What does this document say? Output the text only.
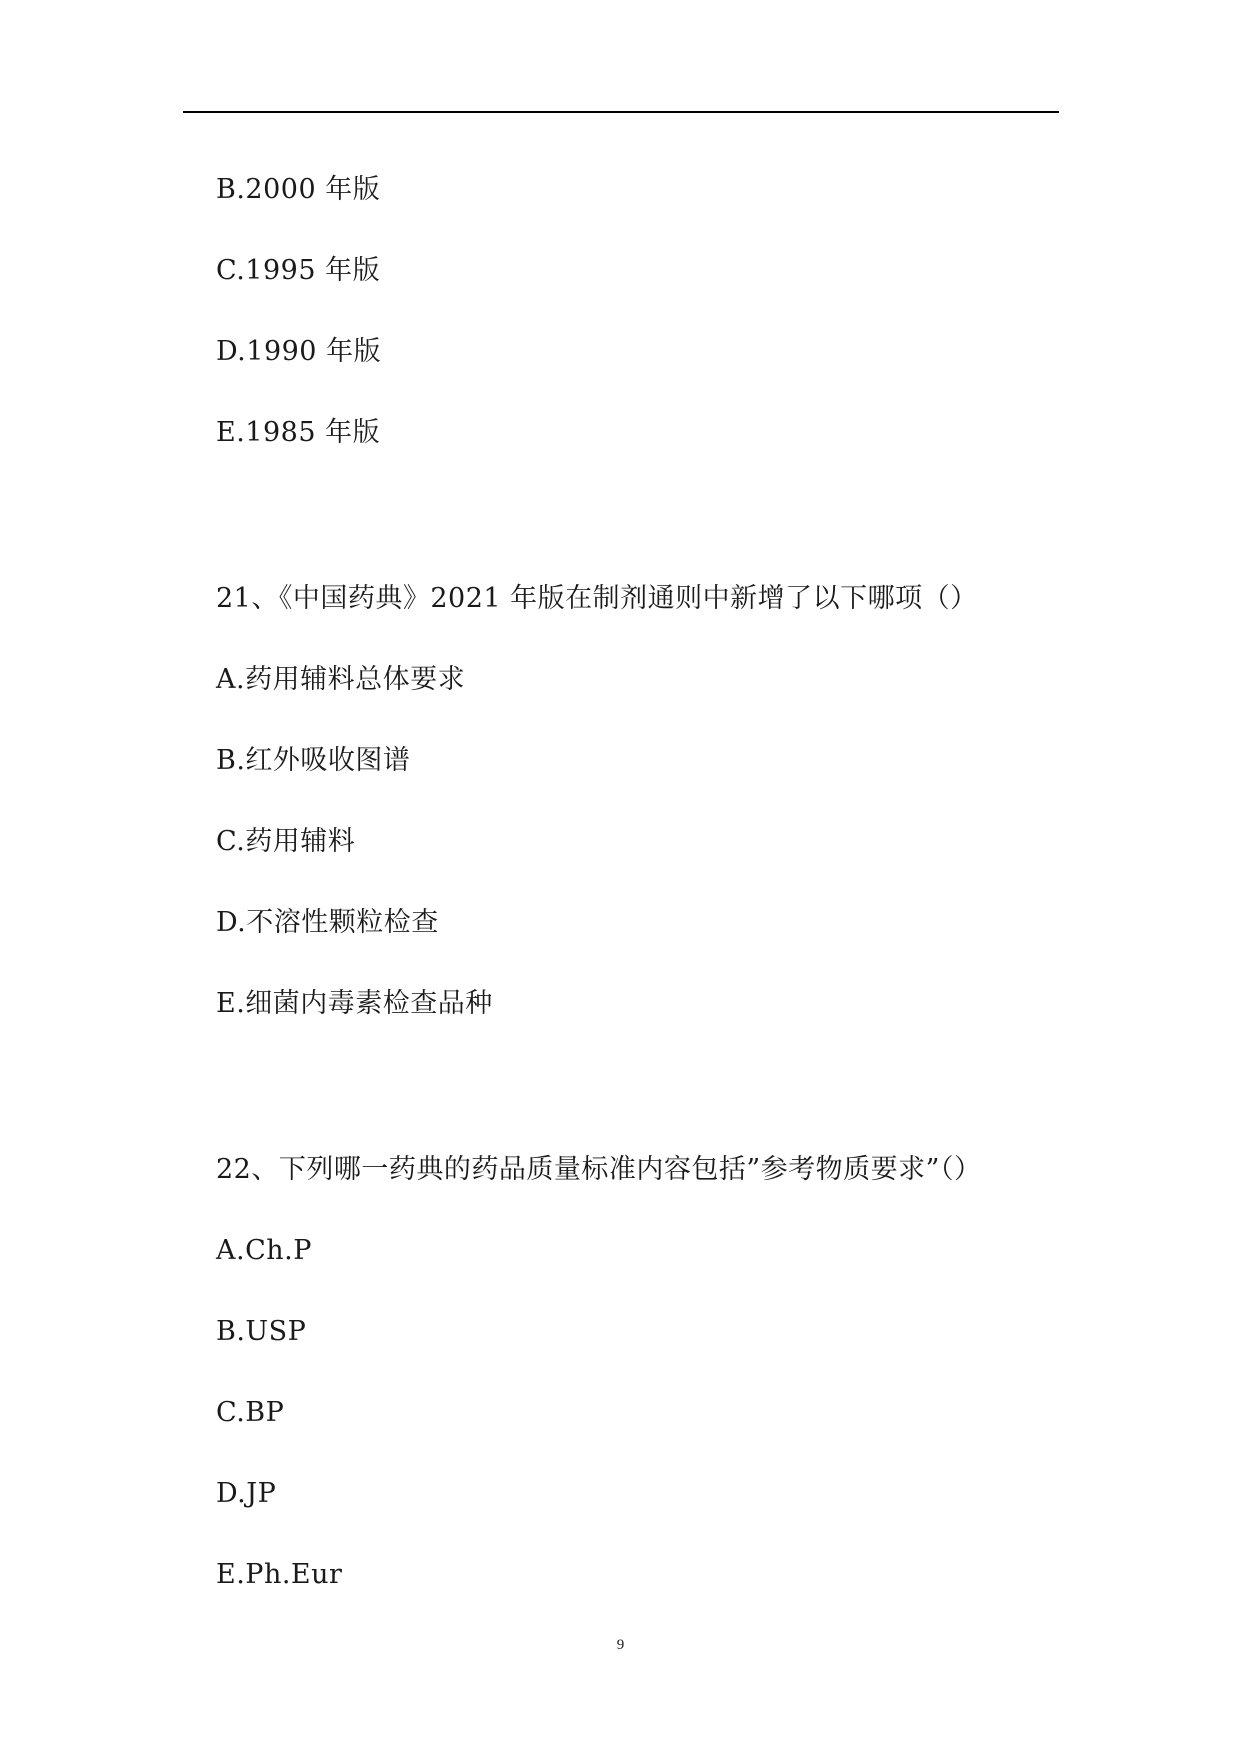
B.2000 年版
C.1995 年版
D.1990 年版
E.1985 年版
21、《中国药典》2021 年版在制剂通则中新增了以下哪项（）
A.药用辅料总体要求
B.红外吸收图谱
C.药用辅料
D.不溶性颗粒检查
E.细菌内毒素检查品种
22、下列哪一药典的药品质量标准内容包括”参考物质要求”（）
A.Ch.P
B.USP
C.BP
D.JP
E.Ph.Eur
9
